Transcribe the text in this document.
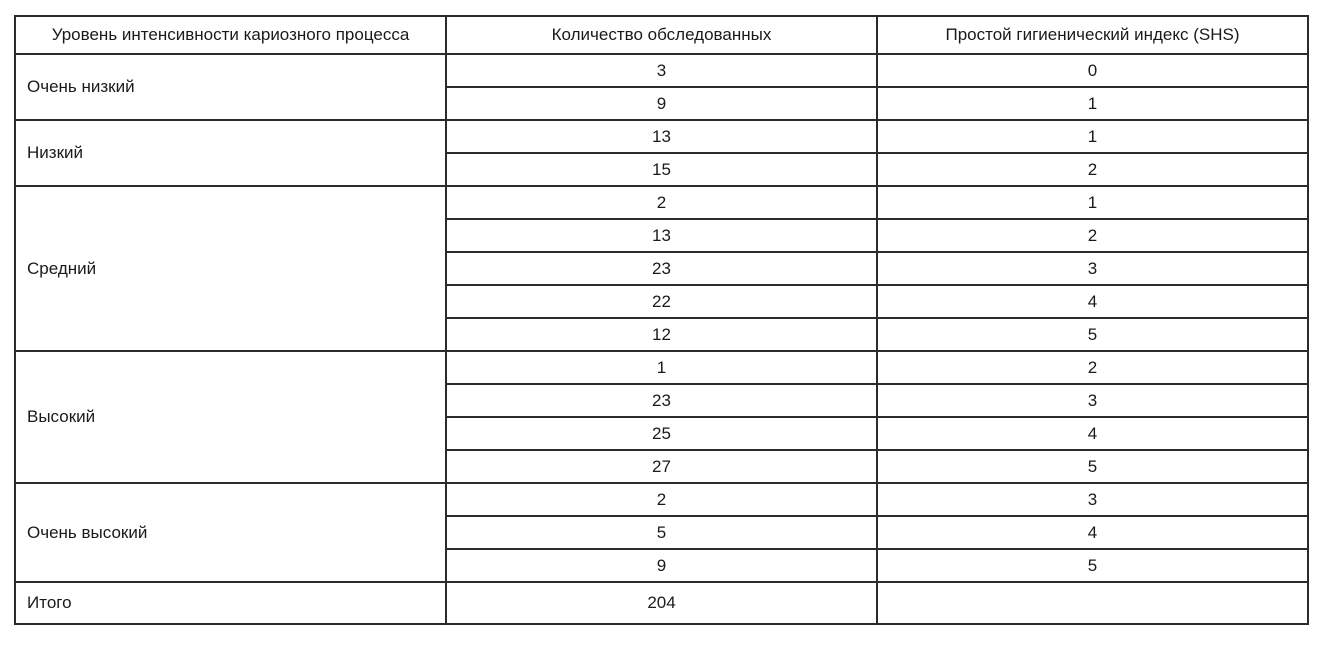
Уровень интенсивности кариозного процесса	Количество обследованных	Простой гигиенический индекс (SHS)
Очень низкий	3	0
	9	1
Низкий	13	1
	15	2
Средний	2	1
	13	2
	23	3
	22	4
	12	5
Высокий	1	2
	23	3
	25	4
	27	5
Очень высокий	2	3
	5	4
	9	5
Итого	204	
